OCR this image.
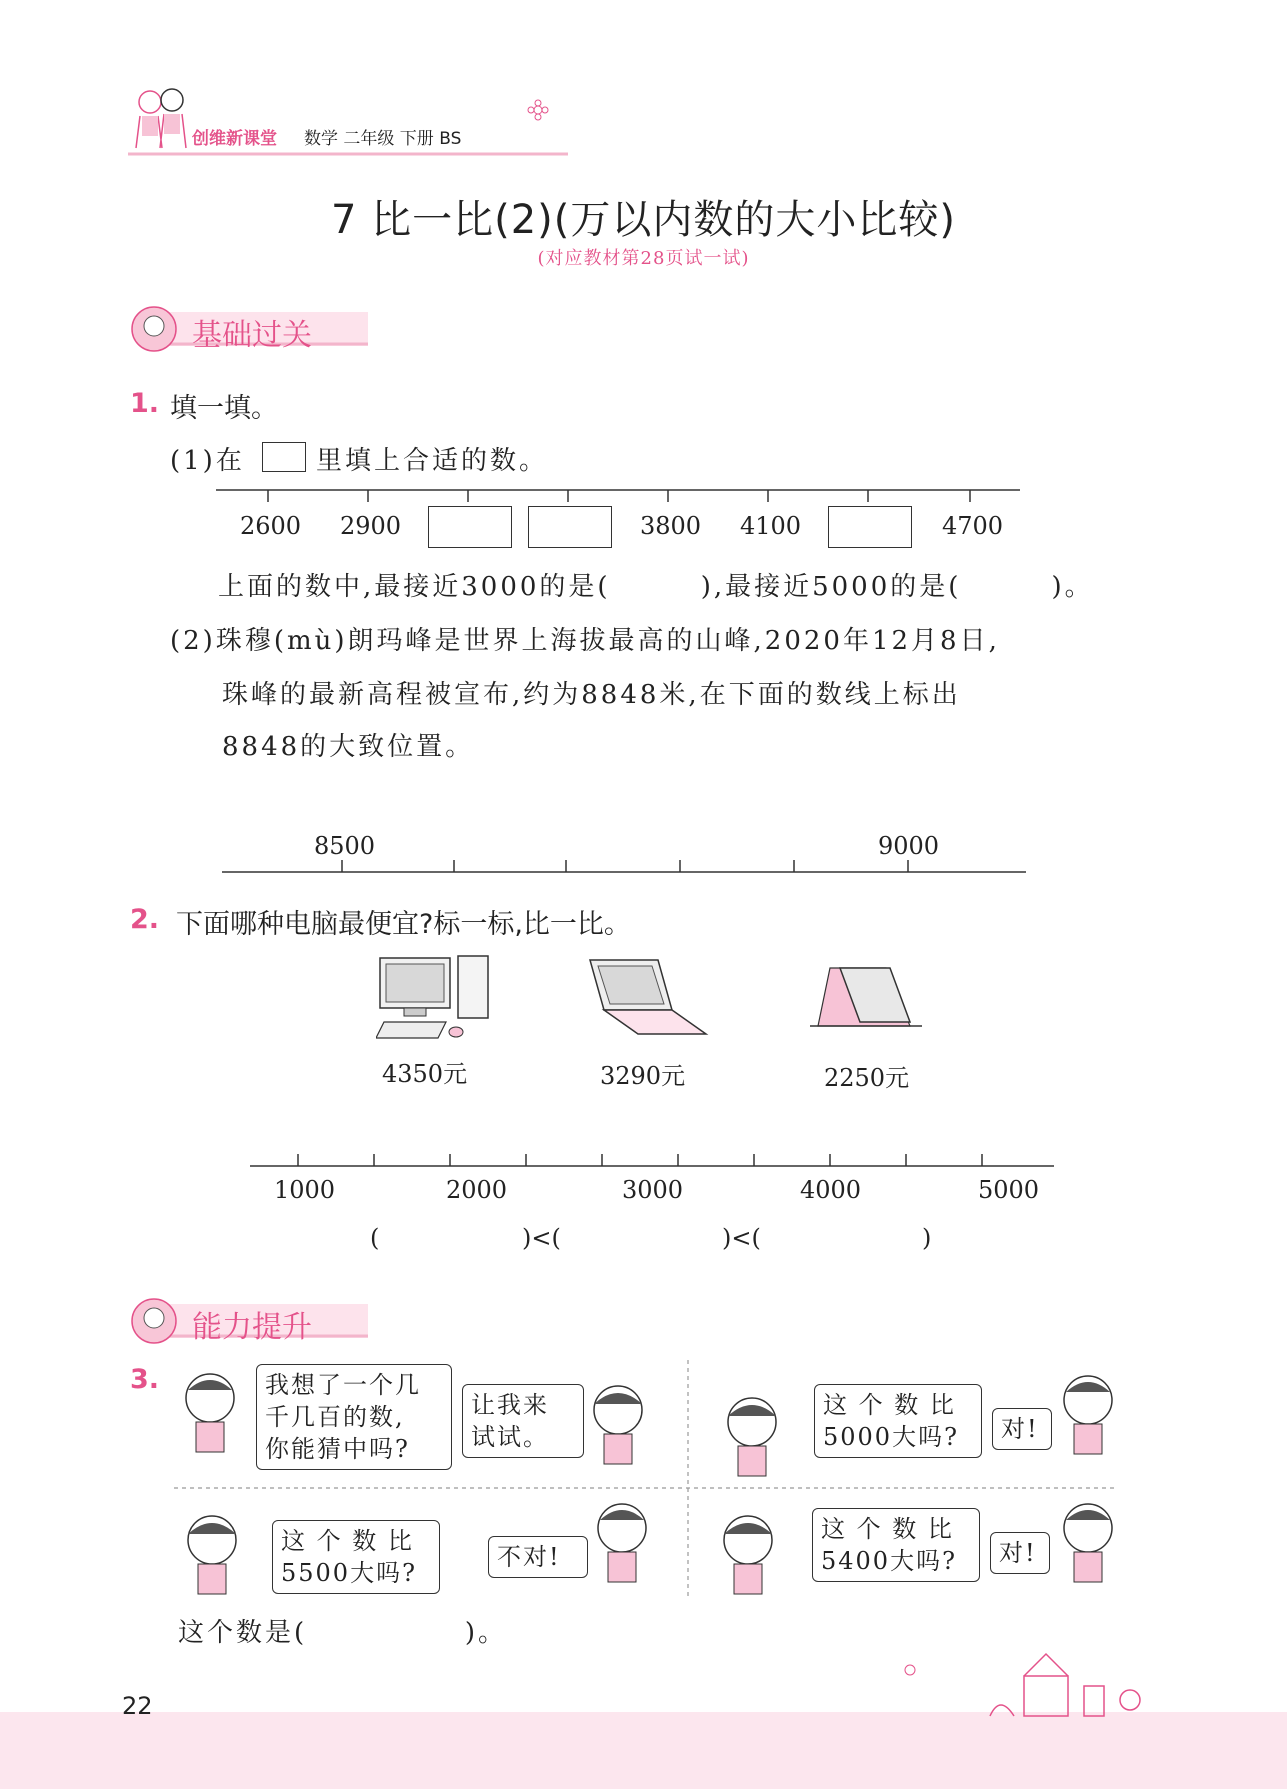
创维新课堂 数学 二年级 下册 BS
7 比一比(2)(万以内数的大小比较)
(对应教材第28页试一试)
基础过关
1. 填一填。
(1)在	里填上合适的数。
2600 2900	3800 4100	4700
上面的数中,最接近3000的是(        ),最接近5000的是(        )。
(2)珠穆(mù)朗玛峰是世界上海拔最高的山峰,2020年12月8日,
珠峰的最新高程被宣布,约为8848米,在下面的数线上标出
8848的大致位置。
8500	9000
2. 下面哪种电脑最便宜?标一标,比一比。
4350元	3290元	2250元
1000	2000	3000	4000	5000
(	)<(	)<(	)
能力提升
3.	我想了一个几
千几百的数,
你能猜中吗?
让我来
试试。
这 个 数 比
5000大吗?	对!
这 个 数 比
5500大吗?
不对!
这 个 数 比
5400大吗?	对!
这个数是(              )。
22
